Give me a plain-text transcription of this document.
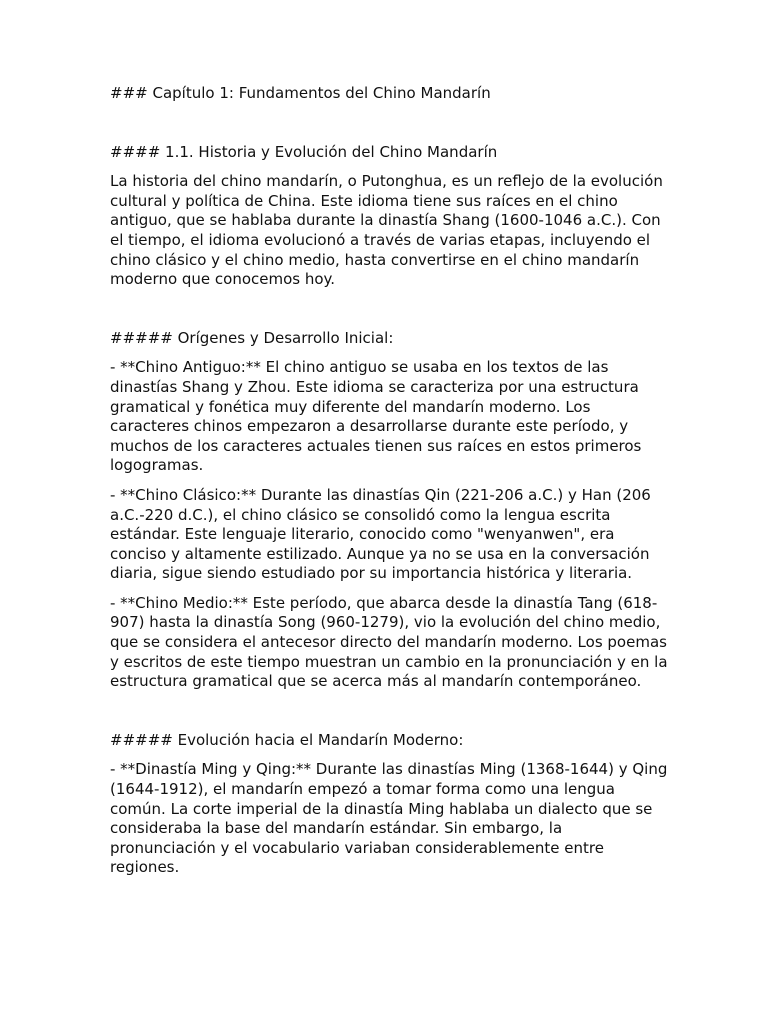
### Capítulo 1: Fundamentos del Chino Mandarín

#### 1.1. Historia y Evolución del Chino Mandarín

La historia del chino mandarín, o Putonghua, es un reflejo de la evolución cultural y política de China. Este idioma tiene sus raíces en el chino antiguo, que se hablaba durante la dinastía Shang (1600-1046 a.C.). Con el tiempo, el idioma evolucionó a través de varias etapas, incluyendo el chino clásico y el chino medio, hasta convertirse en el chino mandarín moderno que conocemos hoy.

##### Orígenes y Desarrollo Inicial:

- **Chino Antiguo:** El chino antiguo se usaba en los textos de las dinastías Shang y Zhou. Este idioma se caracteriza por una estructura gramatical y fonética muy diferente del mandarín moderno. Los caracteres chinos empezaron a desarrollarse durante este período, y muchos de los caracteres actuales tienen sus raíces en estos primeros logogramas.

- **Chino Clásico:** Durante las dinastías Qin (221-206 a.C.) y Han (206 a.C.-220 d.C.), el chino clásico se consolidó como la lengua escrita estándar. Este lenguaje literario, conocido como "wenyanwen", era conciso y altamente estilizado. Aunque ya no se usa en la conversación diaria, sigue siendo estudiado por su importancia histórica y literaria.

- **Chino Medio:** Este período, que abarca desde la dinastía Tang (618-907) hasta la dinastía Song (960-1279), vio la evolución del chino medio, que se considera el antecesor directo del mandarín moderno. Los poemas y escritos de este tiempo muestran un cambio en la pronunciación y en la estructura gramatical que se acerca más al mandarín contemporáneo.

##### Evolución hacia el Mandarín Moderno:

- **Dinastía Ming y Qing:** Durante las dinastías Ming (1368-1644) y Qing (1644-1912), el mandarín empezó a tomar forma como una lengua común. La corte imperial de la dinastía Ming hablaba un dialecto que se consideraba la base del mandarín estándar. Sin embargo, la pronunciación y el vocabulario variaban considerablemente entre regiones.
